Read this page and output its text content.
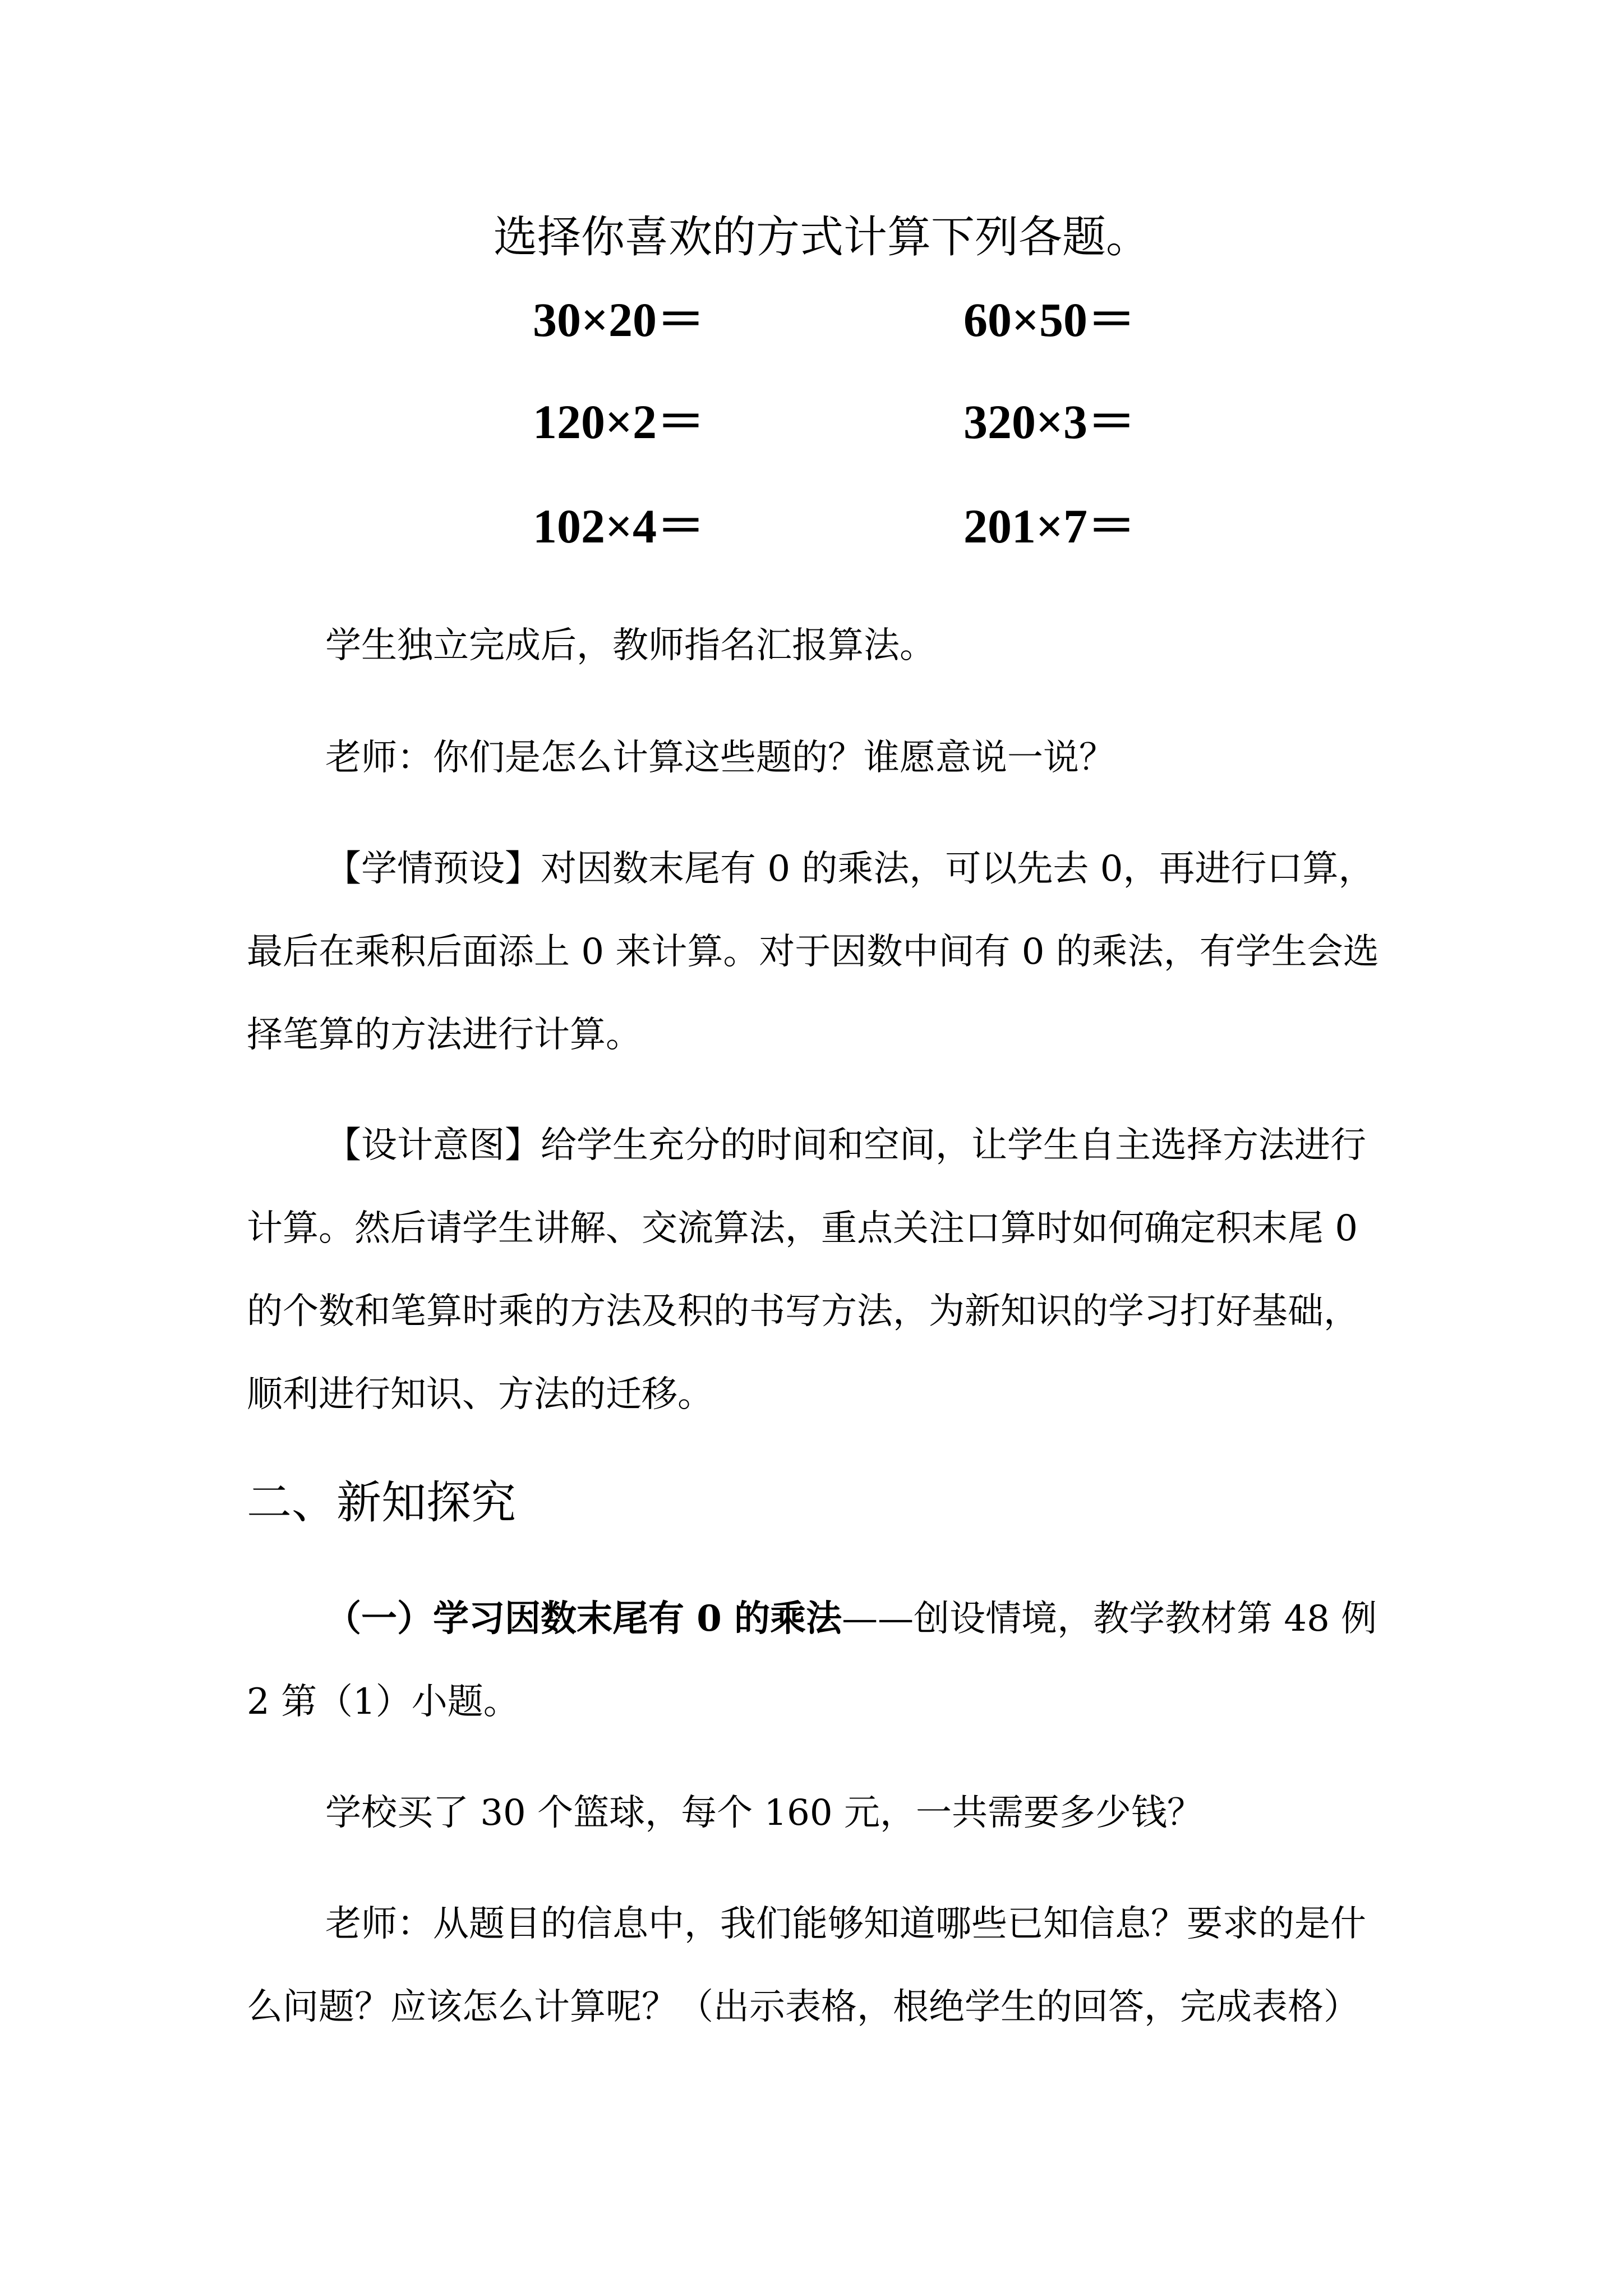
选择你喜欢的方式计算下列各题。
30×20＝	60×50＝
120×2＝	320×3＝
102×4＝	201×7＝
学生独立完成后，教师指名汇报算法。
老师：你们是怎么计算这些题的？谁愿意说一说？
【学情预设】对因数末尾有 0 的乘法，可以先去 0，再进行口算，最后在乘积后面添上 0 来计算。对于因数中间有 0 的乘法，有学生会选择笔算的方法进行计算。
【设计意图】给学生充分的时间和空间，让学生自主选择方法进行计算。然后请学生讲解、交流算法，重点关注口算时如何确定积末尾 0 的个数和笔算时乘的方法及积的书写方法，为新知识的学习打好基础，顺利进行知识、方法的迁移。
二、新知探究
（一）学习因数末尾有 0 的乘法——创设情境，教学教材第 48 例 2 第（1）小题。
学校买了 30 个篮球，每个 160 元，一共需要多少钱？
老师：从题目的信息中，我们能够知道哪些已知信息？要求的是什么问题？应该怎么计算呢？（出示表格，根绝学生的回答，完成表格）
